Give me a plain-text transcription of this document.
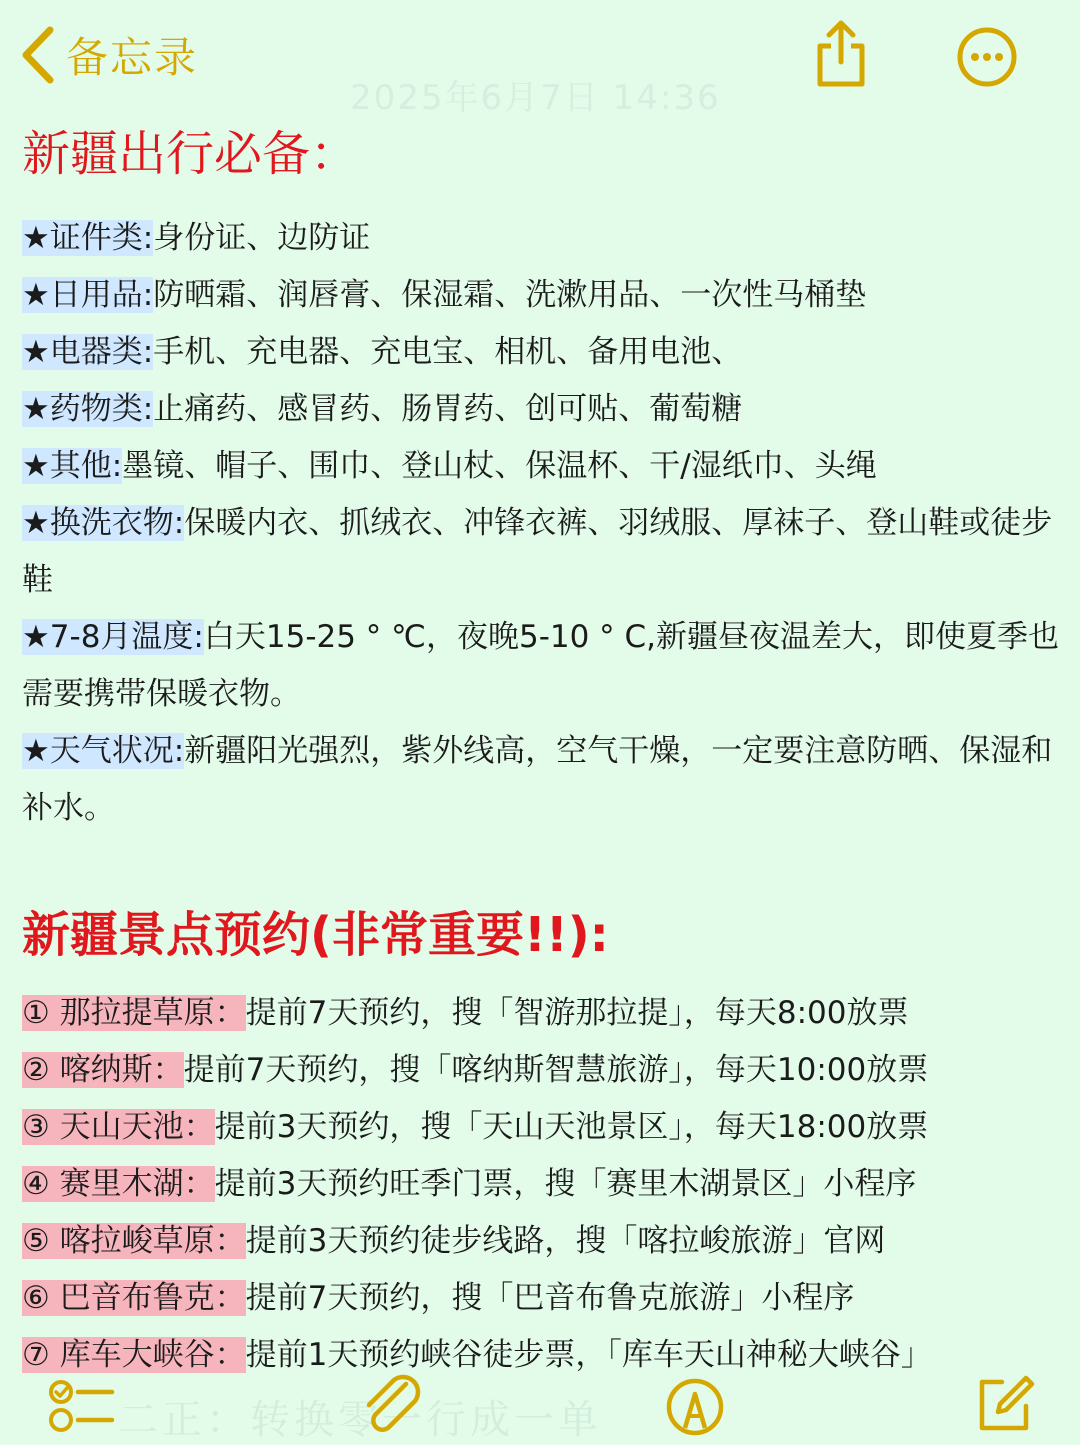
备忘录
2025年6月7日 14:36
新疆出行必备：
★证件类:身份证、边防证
★日用品:防晒霜、润唇膏、保湿霜、洗漱用品、一次性马桶垫
★电器类:手机、充电器、充电宝、相机、备用电池、
★药物类:止痛药、感冒药、肠胃药、创可贴、葡萄糖
★其他:墨镜、帽子、围巾、登山杖、保温杯、干/湿纸巾、头绳
★换洗衣物:保暖内衣、抓绒衣、冲锋衣裤、羽绒服、厚袜子、登山鞋或徒步鞋
★7-8月温度:白天15-25 ° ℃，夜晚5-10 ° C,新疆昼夜温差大，即使夏季也需要携带保暖衣物。
★天气状况:新疆阳光强烈，紫外线高，空气干燥，一定要注意防晒、保湿和补水。
新疆景点预约(非常重要!!):
① 那拉提草原：提前7天预约，搜「智游那拉提」，每天8:00放票
② 喀纳斯：提前7天预约，搜「喀纳斯智慧旅游」，每天10:00放票
③ 天山天池：提前3天预约，搜「天山天池景区」，每天18:00放票
④ 赛里木湖：提前3天预约旺季门票，搜「赛里木湖景区」小程序
⑤ 喀拉峻草原：提前3天预约徒步线路，搜「喀拉峻旅游」官网
⑥ 巴音布鲁克：提前7天预约，搜「巴音布鲁克旅游」小程序
⑦ 库车大峡谷：提前1天预约峡谷徒步票，「库车天山神秘大峡谷」
二正：转换零一行成一单
